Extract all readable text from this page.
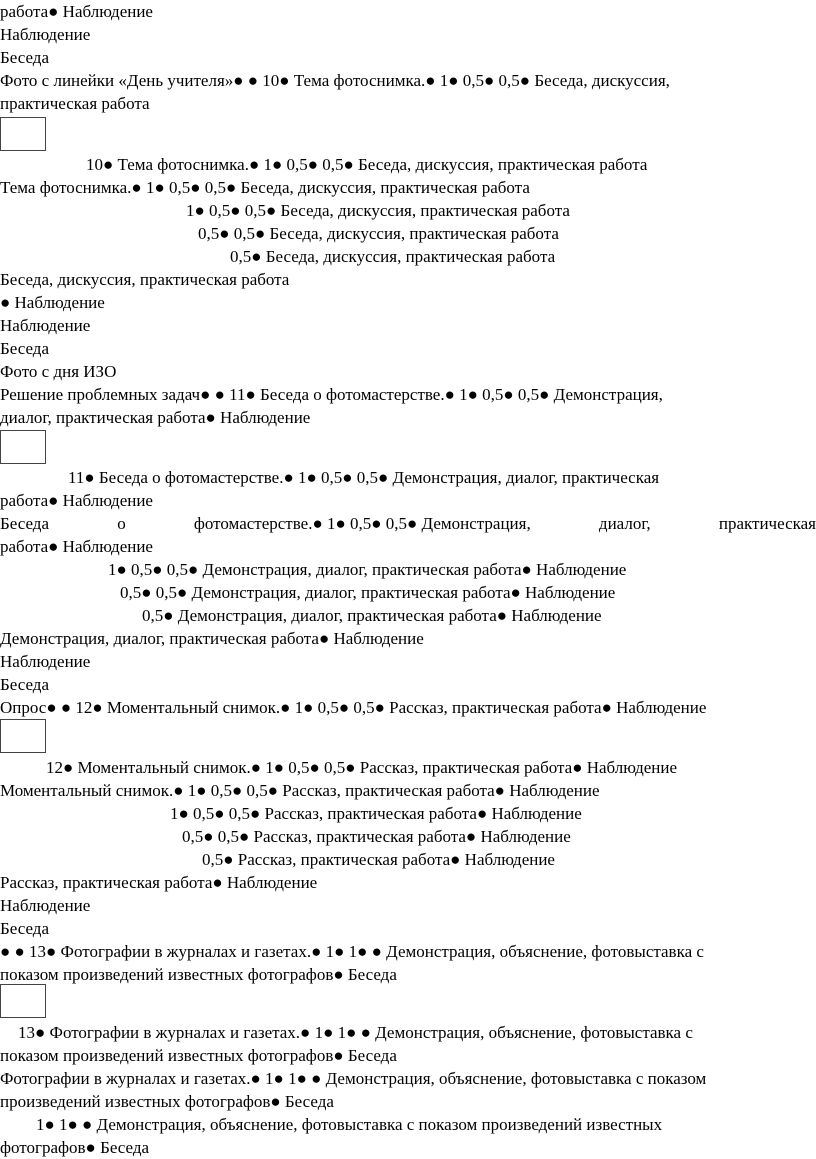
работа● Наблюдение
Наблюдение
Беседа
Фото с линейки «День учителя»● ● 10● Тема фотоснимка.● 1● 0,5● 0,5● Беседа, дискуссия,
практическая работа
10● Тема фотоснимка.● 1● 0,5● 0,5● Беседа, дискуссия, практическая работа
Тема фотоснимка.● 1● 0,5● 0,5● Беседа, дискуссия, практическая работа
1● 0,5● 0,5● Беседа, дискуссия, практическая работа
0,5● 0,5● Беседа, дискуссия, практическая работа
0,5● Беседа, дискуссия, практическая работа
Беседа, дискуссия, практическая работа
● Наблюдение
Наблюдение
Беседа
Фото с дня ИЗО
Решение проблемных задач● ● 11● Беседа о фотомастерстве.● 1● 0,5● 0,5● Демонстрация,
диалог, практическая работа● Наблюдение
11● Беседа о фотомастерстве.● 1● 0,5● 0,5● Демонстрация, диалог, практическая
работа● Наблюдение
Беседа	о	фотомастерстве.● 1● 0,5● 0,5● Демонстрация,	диалог,	практическая
работа● Наблюдение
1● 0,5● 0,5● Демонстрация, диалог, практическая работа● Наблюдение
0,5● 0,5● Демонстрация, диалог, практическая работа● Наблюдение
0,5● Демонстрация, диалог, практическая работа● Наблюдение
Демонстрация, диалог, практическая работа● Наблюдение
Наблюдение
Беседа
Опрос● ● 12● Моментальный снимок.● 1● 0,5● 0,5● Рассказ, практическая работа● Наблюдение
12● Моментальный снимок.● 1● 0,5● 0,5● Рассказ, практическая работа● Наблюдение
Моментальный снимок.● 1● 0,5● 0,5● Рассказ, практическая работа● Наблюдение
1● 0,5● 0,5● Рассказ, практическая работа● Наблюдение
0,5● 0,5● Рассказ, практическая работа● Наблюдение
0,5● Рассказ, практическая работа● Наблюдение
Рассказ, практическая работа● Наблюдение
Наблюдение
Беседа
● ● 13● Фотографии в журналах и газетах.● 1● 1● ● Демонстрация, объяснение, фотовыставка с
показом произведений известных фотографов● Беседа
13● Фотографии в журналах и газетах.● 1● 1● ● Демонстрация, объяснение, фотовыставка с
показом произведений известных фотографов● Беседа
Фотографии в журналах и газетах.● 1● 1● ● Демонстрация, объяснение, фотовыставка с показом
произведений известных фотографов● Беседа
1● 1● ● Демонстрация, объяснение, фотовыставка с показом произведений известных
фотографов● Беседа
